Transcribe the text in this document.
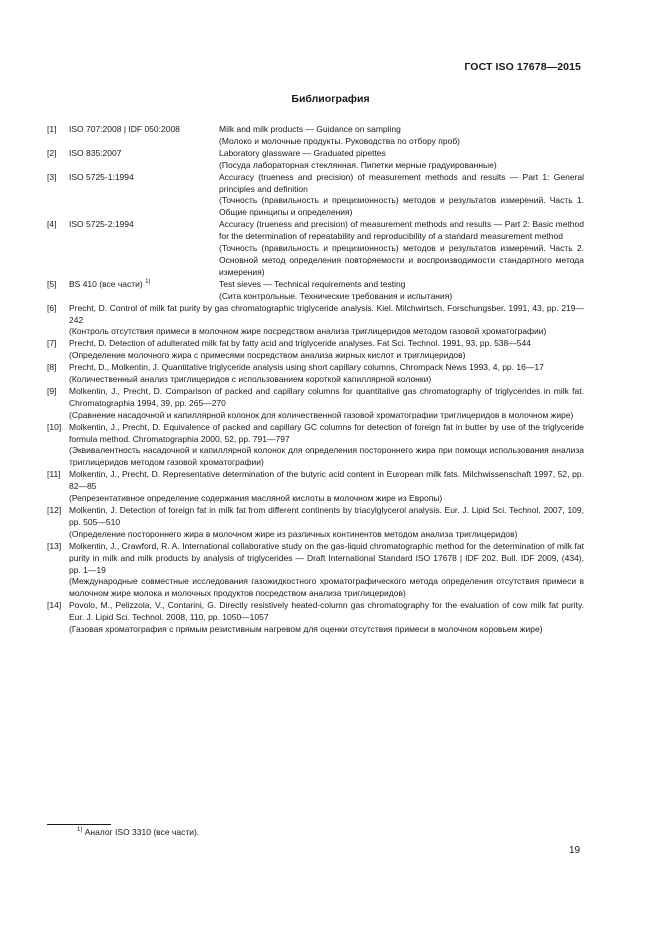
ГОСТ ISO 17678—2015
Библиография
[1]	ISO 707:2008 | IDF 050:2008	Milk and milk products — Guidance on sampling
(Молоко и молочные продукты. Руководства по отбору проб)
[2]	ISO 835:2007	Laboratory glassware — Graduated pipettes
(Посуда лабораторная стеклянная. Пипетки мерные градуированные)
[3]	ISO 5725-1:1994	Accuracy (trueness and precision) of measurement methods and results — Part 1: General principles and definition
(Точность (правильность и прецизионность) методов и результатов измерений. Часть 1. Общие принципы и определения)
[4]	ISO 5725-2:1994	Accuracy (trueness and precision) of measurement methods and results — Part 2: Basic method for the determination of repeatability and reproducibility of a standard measurement method
(Точность (правильность и прецизионность) методов и результатов измерений. Часть 2. Основной метод определения повторяемости и воспроизводимости стандартного метода измерения)
[5]	BS 410 (все части) $^{1)}$	Test sieves — Technical requirements and testing
(Сита контрольные. Технические требования и испытания)
[6]	Precht, D. Control of milk fat purity by gas chromatographic triglyceride analysis. Kiel. Milchwirtsch. Forschungsber. 1991, 43, pp. 219—242
(Контроль отсутствия примеси в молочном жире посредством анализа триглицеридов методом газовой хроматографии)
[7]	Precht, D. Detection of adulterated milk fat by fatty acid and triglyceride analyses. Fat Sci. Technol. 1991, 93, pp. 538—544
(Определение молочного жира с примесями посредством анализа жирных кислот и триглицеридов)
[8]	Precht, D., Molkentin, J. Quantitative triglyceride analysis using short capillary columns, Chrompack News 1993, 4, pp. 16—17
(Количественный анализ триглицеридов с использованием короткой капиллярной колонки)
[9]	Molkentin, J., Precht, D. Comparison of packed and capillary columns for quantitative gas chromatography of triglycerides in milk fat. Chromatographia 1994, 39, pp. 265—270
(Сравнение насадочной и капиллярной колонок для количественной газовой хроматографии триглицеридов в молочном жире)
[10] Molkentin, J., Precht, D. Equivalence of packed and capillary GC columns for detection of foreign fat in butter by use of the triglyceride formula method. Chromatographia 2000, 52, pp. 791—797
(Эквивалентность насадочной и капиллярной колонок для определения постороннего жира при помощи использования анализа триглицеридов методом газовой хроматографии)
[11] Molkentin, J., Precht, D. Representative determination of the butyric acid content in European milk fats. Milchwissenschaft 1997, 52, pp. 82—85
(Репрезентативное определение содержания масляной кислоты в молочном жире из Европы)
[12] Molkentin, J. Detection of foreign fat in milk fat from different continents by triacylglycerol analysis. Eur. J. Lipid Sci. Technol. 2007, 109, pp. 505—510
(Определение постороннего жира в молочном жире из различных континентов методом анализа триглицеридов)
[13] Molkentin, J., Crawford, R. A. International collaborative study on the gas-liquid chromatographic method for the determination of milk fat purity in milk and milk products by analysis of triglycerides — Draft International Standard ISO 17678 | IDF 202. Bull. IDF 2009, (434), pp. 1—19
(Международные совместные исследования газожидкостного хроматографического метода определения отсутствия примеси в молочном жире молока и молочных продуктов посредством анализа триглицеридов)
[14] Povolo, M., Pelizzola, V., Contarini, G. Directly resistively heated-column gas chromatography for the evaluation of cow milk fat purity. Eur. J. Lipid Sci. Technol. 2008, 110, pp. 1050—1057
(Газовая хроматография с прямым резистивным нагревом для оценки отсутствия примеси в молочном коровьем жире)
$^{1)}$ Аналог ISO 3310 (все части).
19
